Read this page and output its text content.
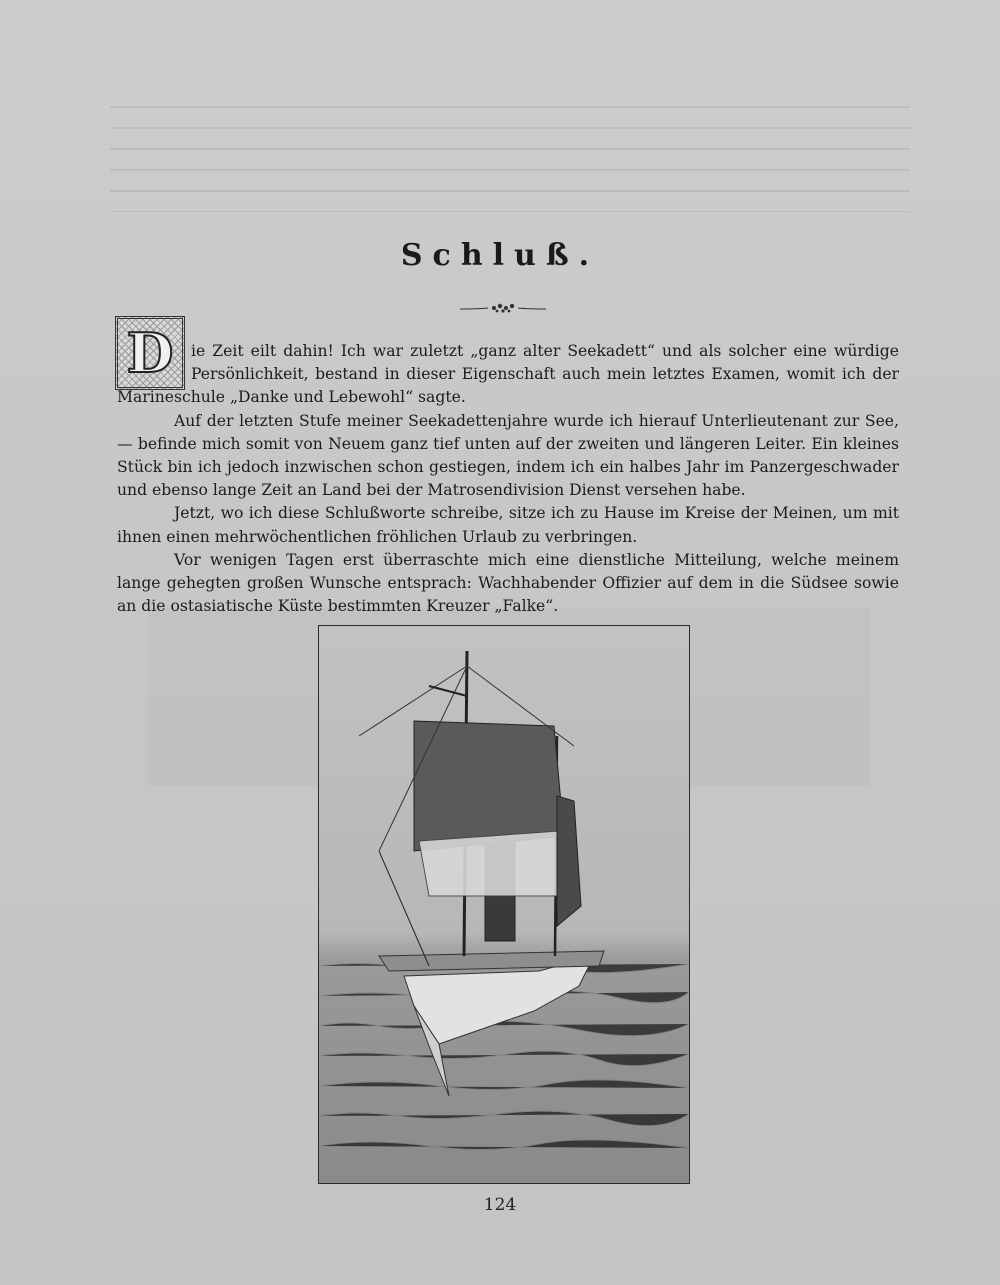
Schluß.
D	ie Zeit eilt dahin! Ich war zuletzt „ganz alter Seekadett“ und als solcher eine würdige Persönlichkeit, bestand in dieser Eigenschaft auch mein letztes Examen, womit ich der Marineschule „Danke und Lebewohl“ sagte.

Auf der letzten Stufe meiner Seekadettenjahre wurde ich hierauf Unterlieutenant zur See, — befinde mich somit von Neuem ganz tief unten auf der zweiten und längeren Leiter. Ein kleines Stück bin ich jedoch inzwischen schon gestiegen, indem ich ein halbes Jahr im Panzergeschwader und ebenso lange Zeit an Land bei der Matrosendivision Dienst versehen habe.

Jetzt, wo ich diese Schlußworte schreibe, sitze ich zu Hause im Kreise der Meinen, um mit ihnen einen mehrwöchentlichen fröhlichen Urlaub zu verbringen.

Vor wenigen Tagen erst überraschte mich eine dienstliche Mitteilung, welche meinem lange gehegten großen Wunsche entsprach: Wachhabender Offizier auf dem in die Südsee sowie an die ostasiatische Küste bestimmten Kreuzer „Falke“.

124
